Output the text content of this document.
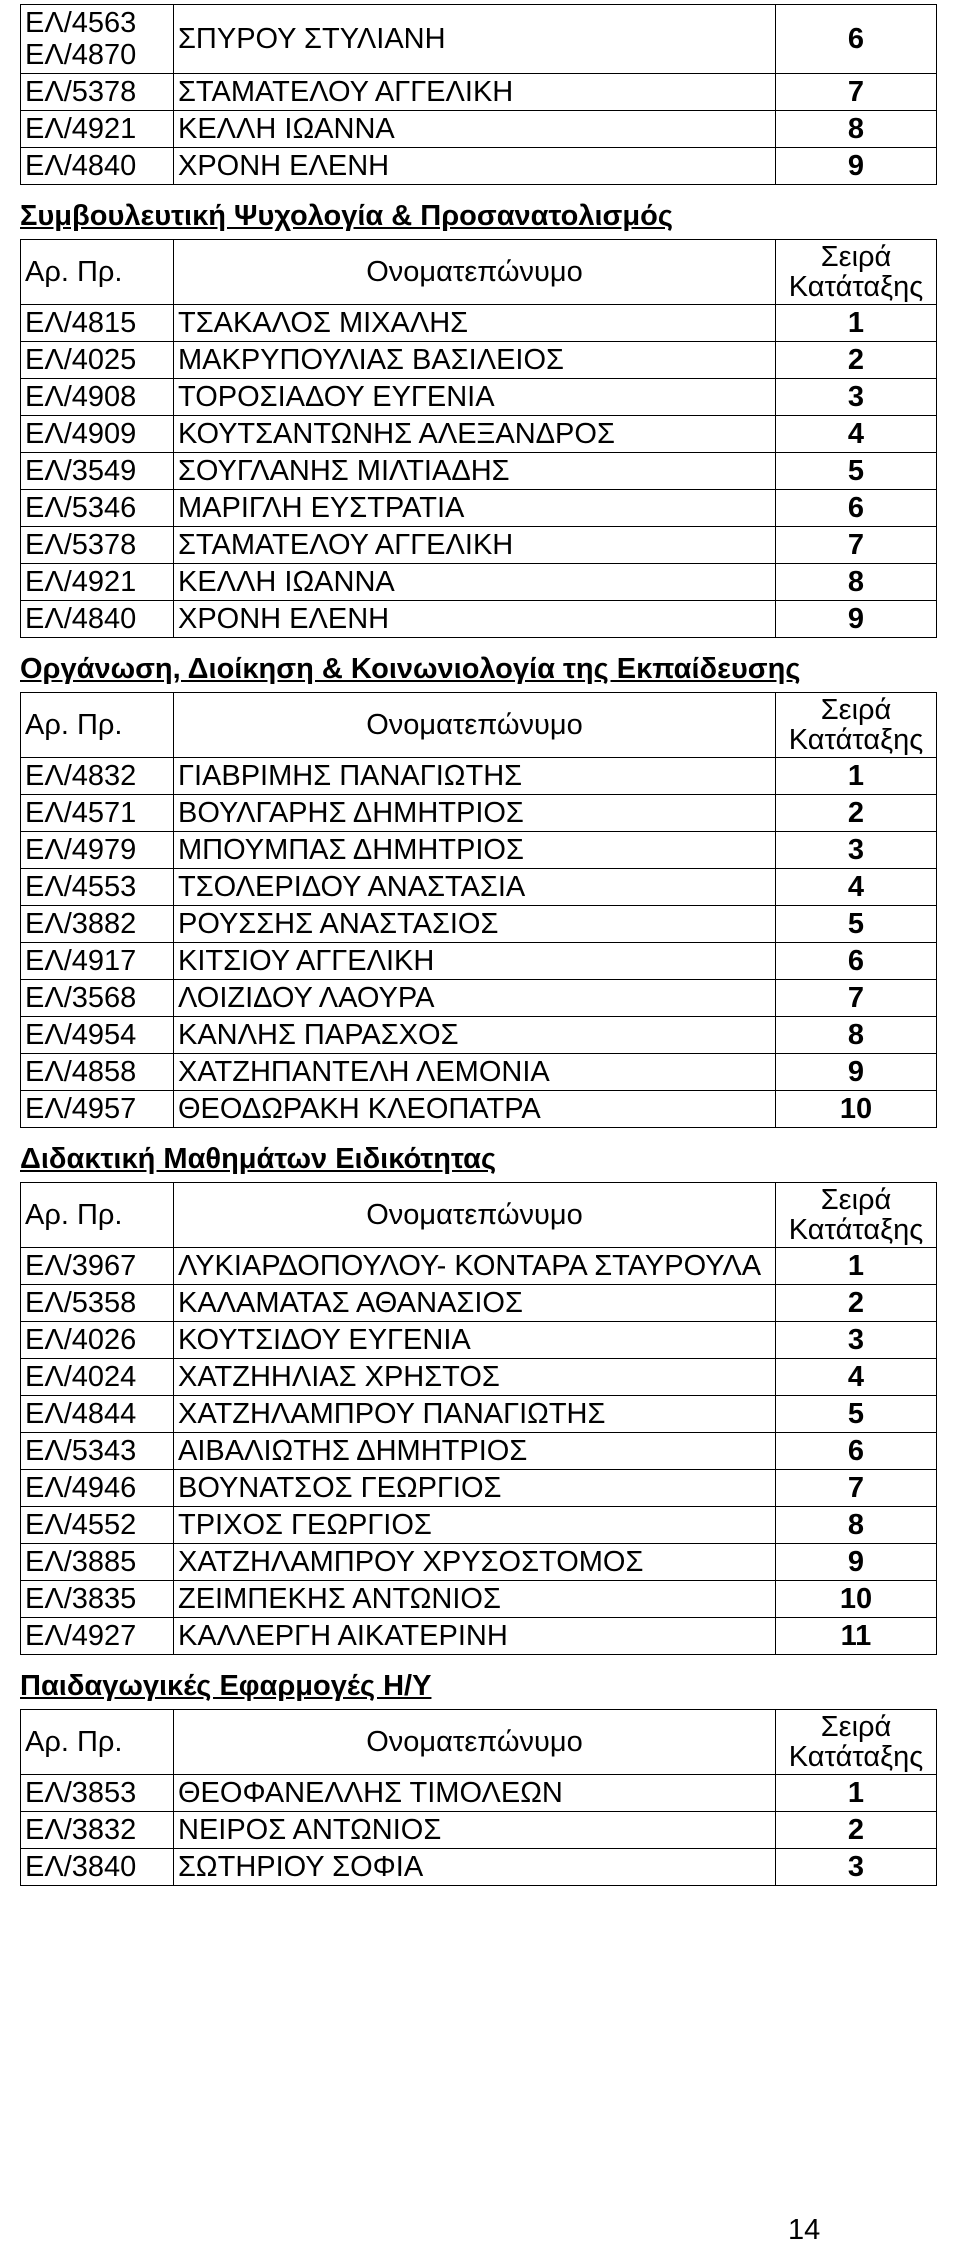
ΕΛ/4563
ΕΛ/4870	ΣΠΥΡΟΥ ΣΤΥΛΙΑΝΗ	6
ΕΛ/5378	ΣΤΑΜΑΤΕΛΟΥ ΑΓΓΕΛΙΚΗ	7
ΕΛ/4921	ΚΕΛΛΗ ΙΩΑΝΝΑ	8
ΕΛ/4840	ΧΡΟΝΗ ΕΛΕΝΗ	9
Συμβουλευτική Ψυχολογία & Προσανατολισμός
Αρ. Πρ.	Ονοματεπώνυμο	Σειρά
Κατάταξης
ΕΛ/4815	ΤΣΑΚΑΛΟΣ ΜΙΧΑΛΗΣ	1
ΕΛ/4025	ΜΑΚΡΥΠΟΥΛΙΑΣ ΒΑΣΙΛΕΙΟΣ	2
ΕΛ/4908	ΤΟΡΟΣΙΑΔΟΥ ΕΥΓΕΝΙΑ	3
ΕΛ/4909	ΚΟΥΤΣΑΝΤΩΝΗΣ ΑΛΕΞΑΝΔΡΟΣ	4
ΕΛ/3549	ΣΟΥΓΛΑΝΗΣ ΜΙΛΤΙΑΔΗΣ	5
ΕΛ/5346	ΜΑΡΙΓΛΗ ΕΥΣΤΡΑΤΙΑ	6
ΕΛ/5378	ΣΤΑΜΑΤΕΛΟΥ ΑΓΓΕΛΙΚΗ	7
ΕΛ/4921	ΚΕΛΛΗ ΙΩΑΝΝΑ	8
ΕΛ/4840	ΧΡΟΝΗ ΕΛΕΝΗ	9
Οργάνωση, Διοίκηση & Κοινωνιολογία της Εκπαίδευσης
Αρ. Πρ.	Ονοματεπώνυμο	Σειρά
Κατάταξης
ΕΛ/4832	ΓΙΑΒΡΙΜΗΣ ΠΑΝΑΓΙΩΤΗΣ	1
ΕΛ/4571	ΒΟΥΛΓΑΡΗΣ ΔΗΜΗΤΡΙΟΣ	2
ΕΛ/4979	ΜΠΟΥΜΠΑΣ ΔΗΜΗΤΡΙΟΣ	3
ΕΛ/4553	ΤΣΟΛΕΡΙΔΟΥ ΑΝΑΣΤΑΣΙΑ	4
ΕΛ/3882	ΡΟΥΣΣΗΣ ΑΝΑΣΤΑΣΙΟΣ	5
ΕΛ/4917	ΚΙΤΣΙΟΥ ΑΓΓΕΛΙΚΗ	6
ΕΛ/3568	ΛΟΙΖΙΔΟΥ ΛΑΟΥΡΑ	7
ΕΛ/4954	ΚΑΝΛΗΣ ΠΑΡΑΣΧΟΣ	8
ΕΛ/4858	ΧΑΤΖΗΠΑΝΤΕΛΗ ΛΕΜΟΝΙΑ	9
ΕΛ/4957	ΘΕΟΔΩΡΑΚΗ ΚΛΕΟΠΑΤΡΑ	10
Διδακτική Μαθημάτων Ειδικότητας
Αρ. Πρ.	Ονοματεπώνυμο	Σειρά
Κατάταξης
ΕΛ/3967	ΛΥΚΙΑΡΔΟΠΟΥΛΟΥ- ΚΟΝΤΑΡΑ ΣΤΑΥΡΟΥΛΑ	1
ΕΛ/5358	ΚΑΛΑΜΑΤΑΣ ΑΘΑΝΑΣΙΟΣ	2
ΕΛ/4026	ΚΟΥΤΣΙΔΟΥ ΕΥΓΕΝΙΑ	3
ΕΛ/4024	ΧΑΤΖΗΗΛΙΑΣ ΧΡΗΣΤΟΣ	4
ΕΛ/4844	ΧΑΤΖΗΛΑΜΠΡΟΥ ΠΑΝΑΓΙΩΤΗΣ	5
ΕΛ/5343	ΑΙΒΑΛΙΩΤΗΣ ΔΗΜΗΤΡΙΟΣ	6
ΕΛ/4946	ΒΟΥΝΑΤΣΟΣ ΓΕΩΡΓΙΟΣ	7
ΕΛ/4552	ΤΡΙΧΟΣ ΓΕΩΡΓΙΟΣ	8
ΕΛ/3885	ΧΑΤΖΗΛΑΜΠΡΟΥ ΧΡΥΣΟΣΤΟΜΟΣ	9
ΕΛ/3835	ΖΕΙΜΠΕΚΗΣ ΑΝΤΩΝΙΟΣ	10
ΕΛ/4927	ΚΑΛΛΕΡΓΗ ΑΙΚΑΤΕΡΙΝΗ	11
Παιδαγωγικές Εφαρμογές Η/Υ
Αρ. Πρ.	Ονοματεπώνυμο	Σειρά
Κατάταξης
ΕΛ/3853	ΘΕΟΦΑΝΕΛΛΗΣ ΤΙΜΟΛΕΩΝ	1
ΕΛ/3832	ΝΕΙΡΟΣ ΑΝΤΩΝΙΟΣ	2
ΕΛ/3840	ΣΩΤΗΡΙΟΥ ΣΟΦΙΑ	3
14
